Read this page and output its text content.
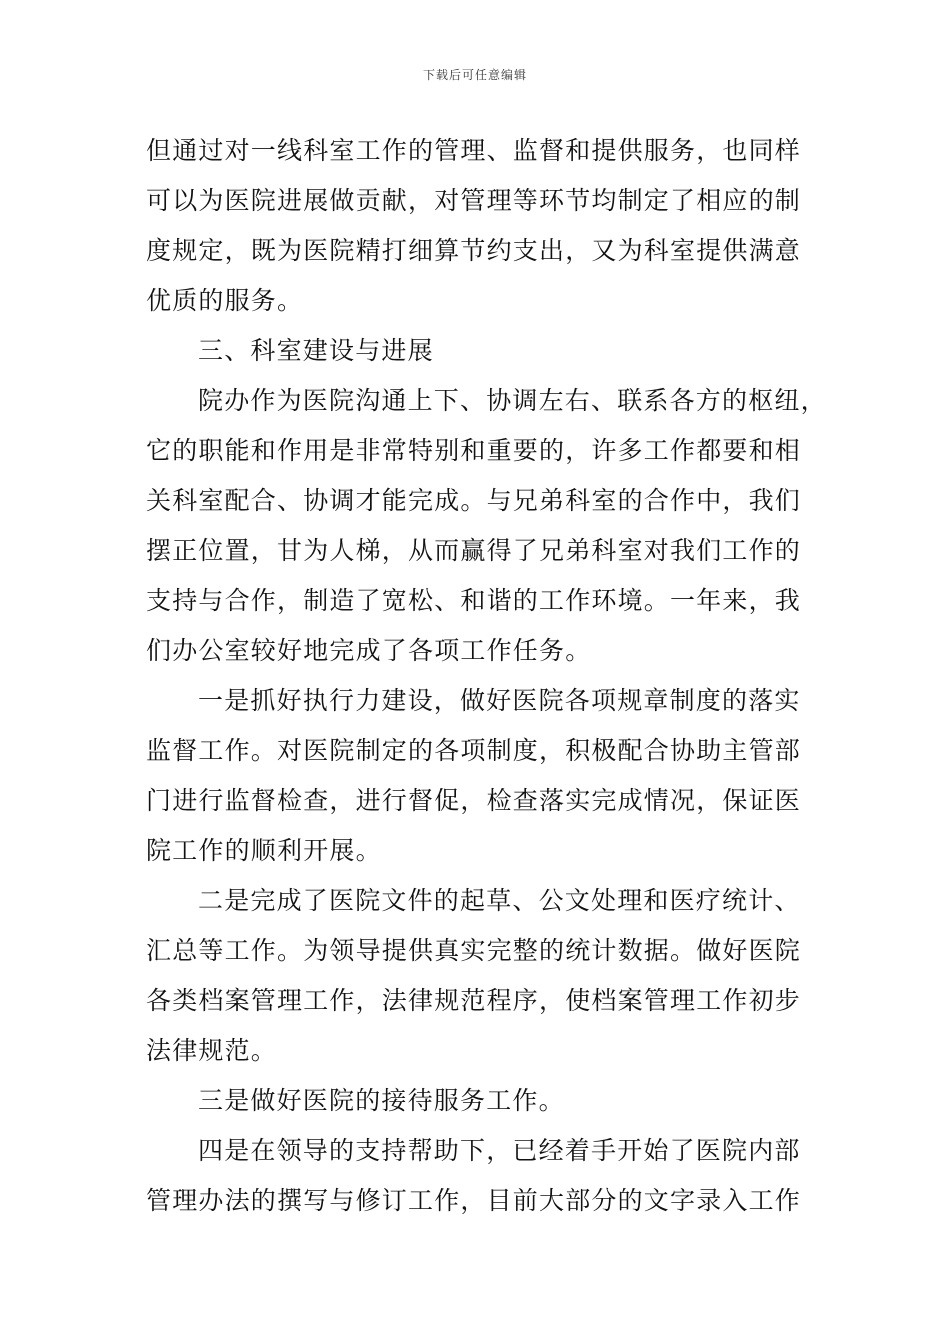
下载后可任意编辑
但通过对一线科室工作的管理、监督和提供服务，也同样
可以为医院进展做贡献，对管理等环节均制定了相应的制
度规定，既为医院精打细算节约支出，又为科室提供满意
优质的服务。
三、科室建设与进展
院办作为医院沟通上下、协调左右、联系各方的枢纽，
它的职能和作用是非常特别和重要的，许多工作都要和相
关科室配合、协调才能完成。与兄弟科室的合作中，我们
摆正位置，甘为人梯，从而赢得了兄弟科室对我们工作的
支持与合作，制造了宽松、和谐的工作环境。一年来，我
们办公室较好地完成了各项工作任务。
一是抓好执行力建设，做好医院各项规章制度的落实
监督工作。对医院制定的各项制度，积极配合协助主管部
门进行监督检查，进行督促，检查落实完成情况，保证医
院工作的顺利开展。
二是完成了医院文件的起草、公文处理和医疗统计、
汇总等工作。为领导提供真实完整的统计数据。做好医院
各类档案管理工作，法律规范程序，使档案管理工作初步
法律规范。
三是做好医院的接待服务工作。
四是在领导的支持帮助下，已经着手开始了医院内部
管理办法的撰写与修订工作，目前大部分的文字录入工作
